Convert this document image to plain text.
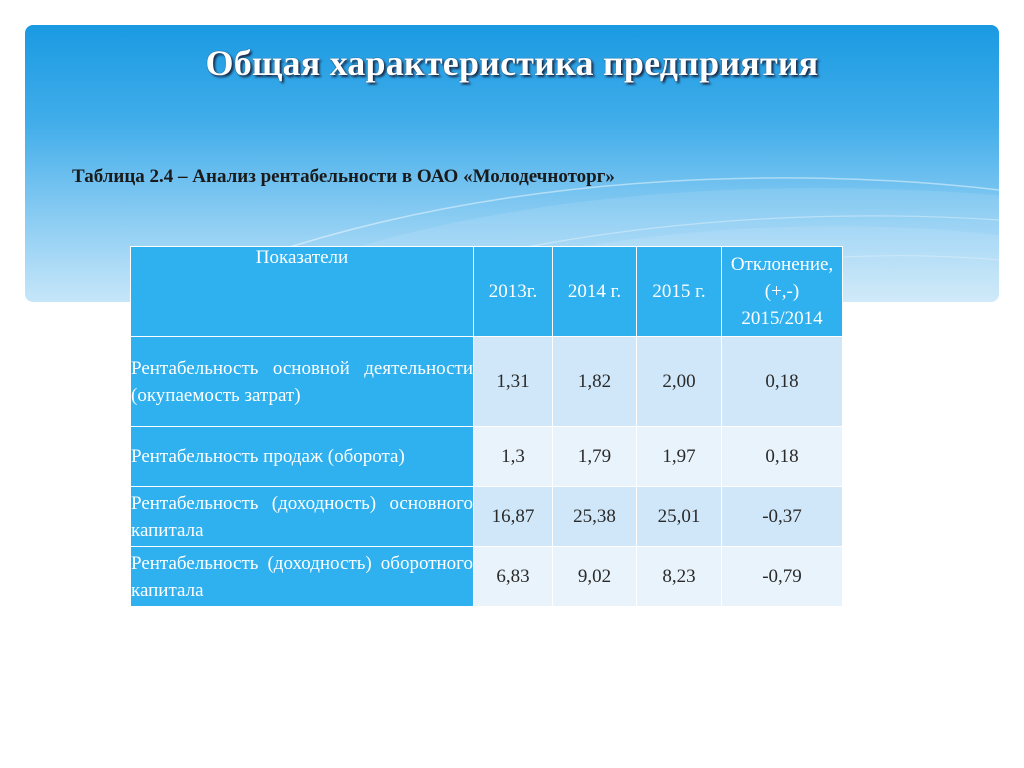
Общая характеристика предприятия
Таблица 2.4 – Анализ рентабельности в ОАО «Молодечноторг»
Показатели	2013г.	2014 г.	2015 г.	Отклонение, (+,-) 2015/2014
Рентабельность основной деятельности (окупаемость затрат)	1,31	1,82	2,00	0,18
Рентабельность продаж (оборота)	1,3	1,79	1,97	0,18
Рентабельность (доходность) основного капитала	16,87	25,38	25,01	-0,37
Рентабельность (доходность) оборотного капитала	6,83	9,02	8,23	-0,79
